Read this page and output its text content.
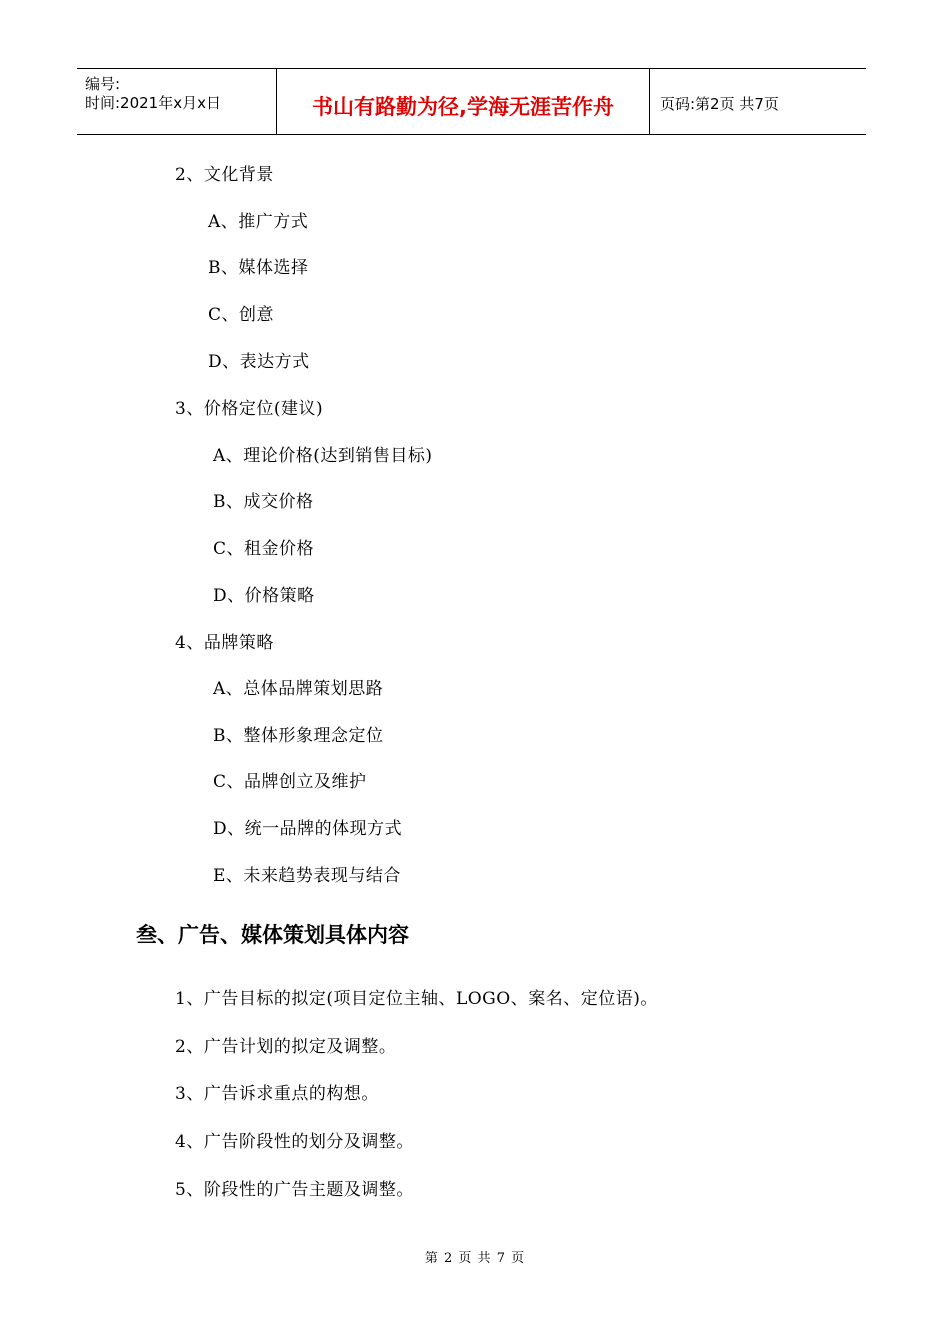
编号:
时间:2021年x月x日	书山有路勤为径,学海无涯苦作舟	页码:第2页 共7页
2、文化背景
A、推广方式
B、媒体选择
C、创意
D、表达方式
3、价格定位(建议)
A、理论价格(达到销售目标)
B、成交价格
C、租金价格
D、价格策略
4、品牌策略
A、总体品牌策划思路
B、整体形象理念定位
C、品牌创立及维护
D、统一品牌的体现方式
E、未来趋势表现与结合
叁、广告、媒体策划具体内容
1、广告目标的拟定(项目定位主轴、LOGO、案名、定位语)。
2、广告计划的拟定及调整。
3、广告诉求重点的构想。
4、广告阶段性的划分及调整。
5、阶段性的广告主题及调整。
第 2 页 共 7 页
